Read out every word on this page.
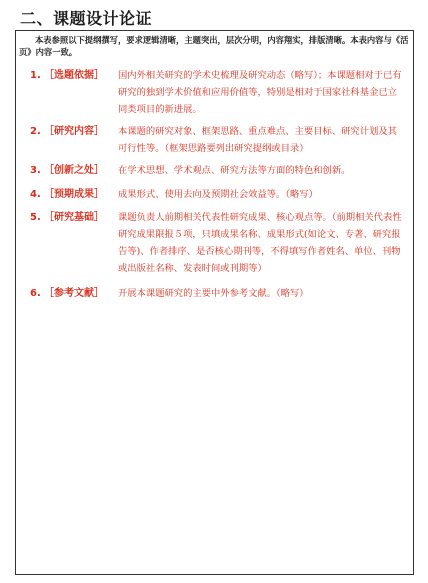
二、课题设计论证
本表参照以下提纲撰写，要求逻辑清晰，主题突出，层次分明，内容翔实，排版清晰。本表内容与《活页》内容一致。
1. ［选题依据］	国内外相关研究的学术史梳理及研究动态（略写）；本课题相对于已有研究的独到学术价值和应用价值等，特别是相对于国家社科基金已立同类项目的新进展。
2. ［研究内容］	本课题的研究对象、框架思路、重点难点、主要目标、研究计划及其可行性等。（框架思路要列出研究提纲或目录）
3. ［创新之处］	在学术思想、学术观点、研究方法等方面的特色和创新。
4. ［预期成果］	成果形式、使用去向及预期社会效益等。（略写）
5. ［研究基础］	课题负责人前期相关代表性研究成果、核心观点等。（前期相关代表性研究成果限报５项，只填成果名称、成果形式(如论文、专著、研究报告等)、作者排序、是否核心期刊等，不得填写作者姓名、单位、刊物或出版社名称、发表时间或刊期等）
6. ［参考文献］	开展本课题研究的主要中外参考文献。（略写）
